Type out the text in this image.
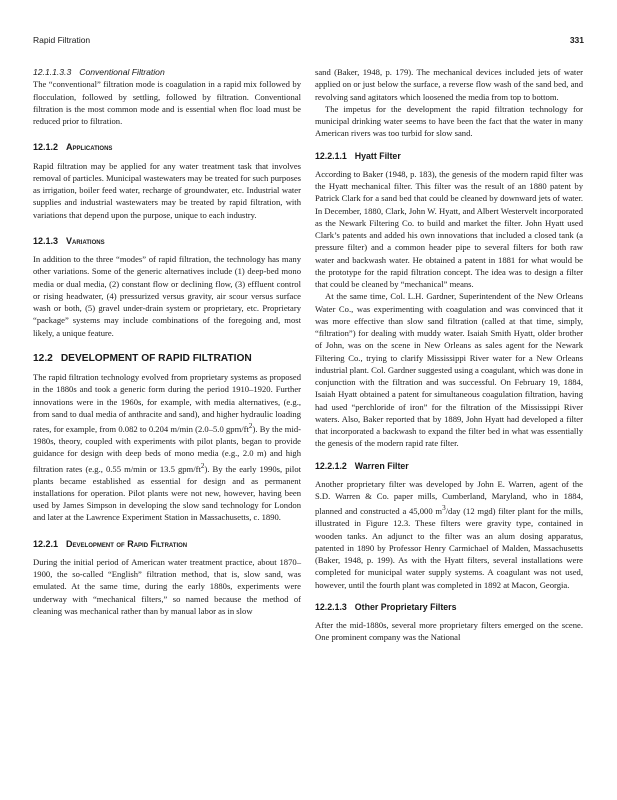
Rapid Filtration	331
12.1.1.3.3 Conventional Filtration

The “conventional” filtration mode is coagulation in a rapid mix followed by flocculation, followed by settling, followed by filtration. Conventional filtration is the most common mode and is essential when floc load must be reduced prior to filtration.

12.1.2 Applications

Rapid filtration may be applied for any water treatment task that involves removal of particles. Municipal wastewaters may be treated for such purposes as irrigation, boiler feed water, recharge of groundwater, etc. Industrial water supplies and industrial wastewaters may be treated by rapid filtration, with variations that depend upon the purpose, unique to each industry.

12.1.3 Variations

In addition to the three “modes” of rapid filtration, the technology has many other variations. Some of the generic alternatives include (1) deep-bed mono media or dual media, (2) constant flow or declining flow, (3) effluent control or rising headwater, (4) pressurized versus gravity, air scour versus surface wash or both, (5) gravel under-drain system or proprietary, etc. Proprietary “package” systems may include combinations of the foregoing and, most likely, a unique feature.

12.2 DEVELOPMENT OF RAPID FILTRATION

The rapid filtration technology evolved from proprietary systems as proposed in the 1880s and took a generic form during the period 1910–1920. Further innovations were in the 1960s, for example, with media alternatives, (e.g., from sand to dual media of anthracite and sand), and higher hydraulic loading rates, for example, from 0.082 to 0.204 m/min (2.0–5.0 gpm/$ft^2$). By the mid-1980s, theory, coupled with experiments with pilot plants, began to provide guidance for design with deep beds of mono media (e.g., 2.0 m) and high filtration rates (e.g., 0.55 m/min or 13.5 gpm/$ft^2$). By the early 1990s, pilot plants became established as essential for design and as permanent installations for operation. Pilot plants were not new, however, having been used by James Simpson in developing the slow sand technology for London and later at the Lawrence Experiment Station in Massachusetts, c. 1890.

12.2.1 Development of Rapid Filtration

During the initial period of American water treatment practice, about 1870–1900, the so-called “English” filtration method, that is, slow sand, was emulated. At the same time, during the early 1880s, experiments were underway with “mechanical filters,” so named because the method of cleaning was mechanical rather than by manual labor as in slow

sand (Baker, 1948, p. 179). The mechanical devices included jets of water applied on or just below the surface, a reverse flow wash of the sand bed, and revolving sand agitators which loosened the media from top to bottom.

The impetus for the development the rapid filtration technology for municipal drinking water seems to have been the fact that the water in many American rivers was too turbid for slow sand.

12.2.1.1 Hyatt Filter

According to Baker (1948, p. 183), the genesis of the modern rapid filter was the Hyatt mechanical filter. This filter was the result of an 1880 patent by Patrick Clark for a sand bed that could be cleaned by downward jets of water. In December, 1880, Clark, John W. Hyatt, and Albert Westervelt incorporated as the Newark Filtering Co. to build and market the filter. John Hyatt used Clark’s patents and added his own innovations that included a closed tank (a pressure filter) and a common header pipe to several filters for both raw water and backwash water. He obtained a patent in 1881 for what would be the prototype for the rapid filtration concept. The idea was to design a filter that could be cleaned by “mechanical” means.

At the same time, Col. L.H. Gardner, Superintendent of the New Orleans Water Co., was experimenting with coagulation and was convinced that it was more effective than slow sand filtration (called at that time, simply, “filtration”) for dealing with muddy water. Isaiah Smith Hyatt, older brother of John, was on the scene in New Orleans as sales agent for the Newark Filtering Co., trying to clarify Mississippi River water for a New Orleans industrial plant. Col. Gardner suggested using a coagulant, which was done in conjunction with the filtration and was successful. On February 19, 1884, Isaiah Hyatt obtained a patent for simultaneous coagulation filtration, having had used “perchloride of iron” for the filtration of the Mississippi River waters. Also, Baker reported that by 1889, John Hyatt had developed a filter that incorporated a backwash to expand the filter bed in what was essentially the genesis of the modern rapid rate filter.

12.2.1.2 Warren Filter

Another proprietary filter was developed by John E. Warren, agent of the S.D. Warren & Co. paper mills, Cumberland, Maryland, who in 1884, planned and constructed a 45,000 $m^3$/day (12 mgd) filter plant for the mills, illustrated in Figure 12.3. These filters were gravity type, contained in wooden tanks. An adjunct to the filter was an alum dosing apparatus, patented in 1890 by Professor Henry Carmichael of Malden, Massachusetts (Baker, 1948, p. 199). As with the Hyatt filters, several installations were completed for municipal water supply systems. A coagulant was not used, however, until the fourth plant was completed in 1892 at Macon, Georgia.

12.2.1.3 Other Proprietary Filters

After the mid-1880s, several more proprietary filters emerged on the scene. One prominent company was the National
